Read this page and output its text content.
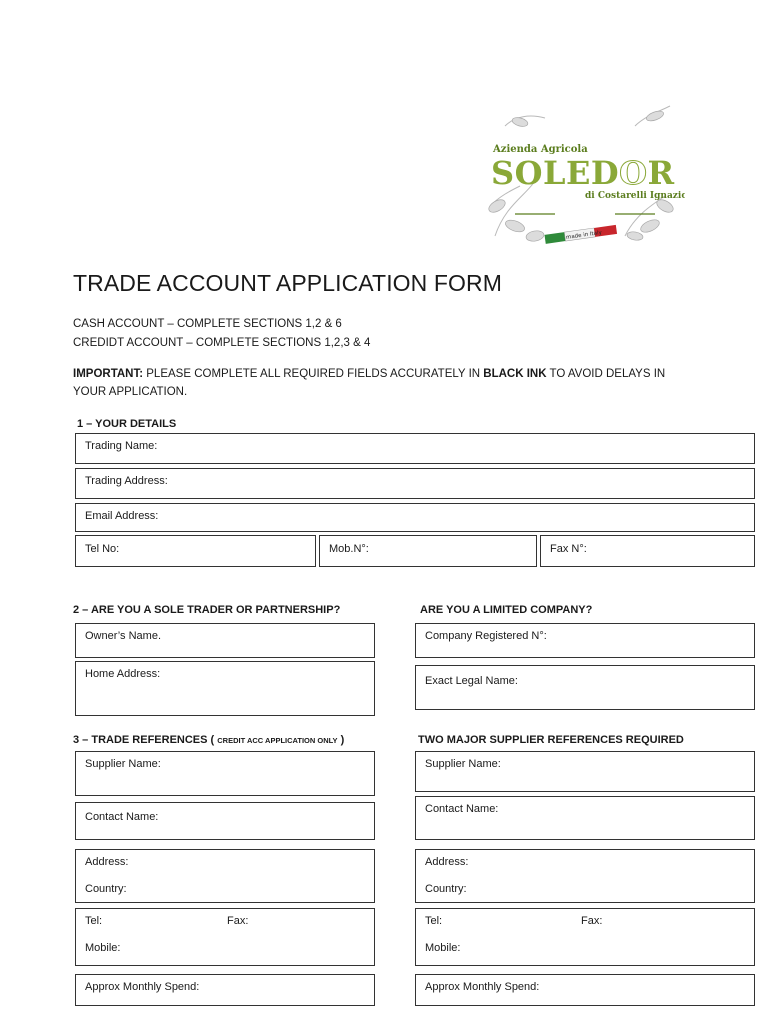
Azienda Agricola
SOLEDOR
di Costarelli Ignazio
made in Italy
TRADE ACCOUNT APPLICATION FORM
CASH ACCOUNT – COMPLETE SECTIONS 1,2 & 6
CREDIDT ACCOUNT – COMPLETE SECTIONS 1,2,3 & 4
IMPORTANT: PLEASE COMPLETE ALL REQUIRED FIELDS ACCURATELY IN BLACK INK TO AVOID DELAYS IN
YOUR APPLICATION.
1 – YOUR DETAILS
Trading Name:
Trading Address:
Email Address:
Tel No:	Mob.N°:	Fax N°:
2 – ARE YOU A SOLE TRADER OR PARTNERSHIP?	ARE YOU A LIMITED COMPANY?
Owner’s Name.
Home Address:
Company Registered N°:
Exact Legal Name:
3 – TRADE REFERENCES ( CREDIT ACC APPLICATION ONLY )	TWO MAJOR SUPPLIER REFERENCES REQUIRED
Supplier Name:
Contact Name:
Address:
Country:
Tel:	Fax:
Mobile:
Approx Monthly Spend:
Supplier Name:
Contact Name:
Address:
Country:
Tel:	Fax:
Mobile:
Approx Monthly Spend:
